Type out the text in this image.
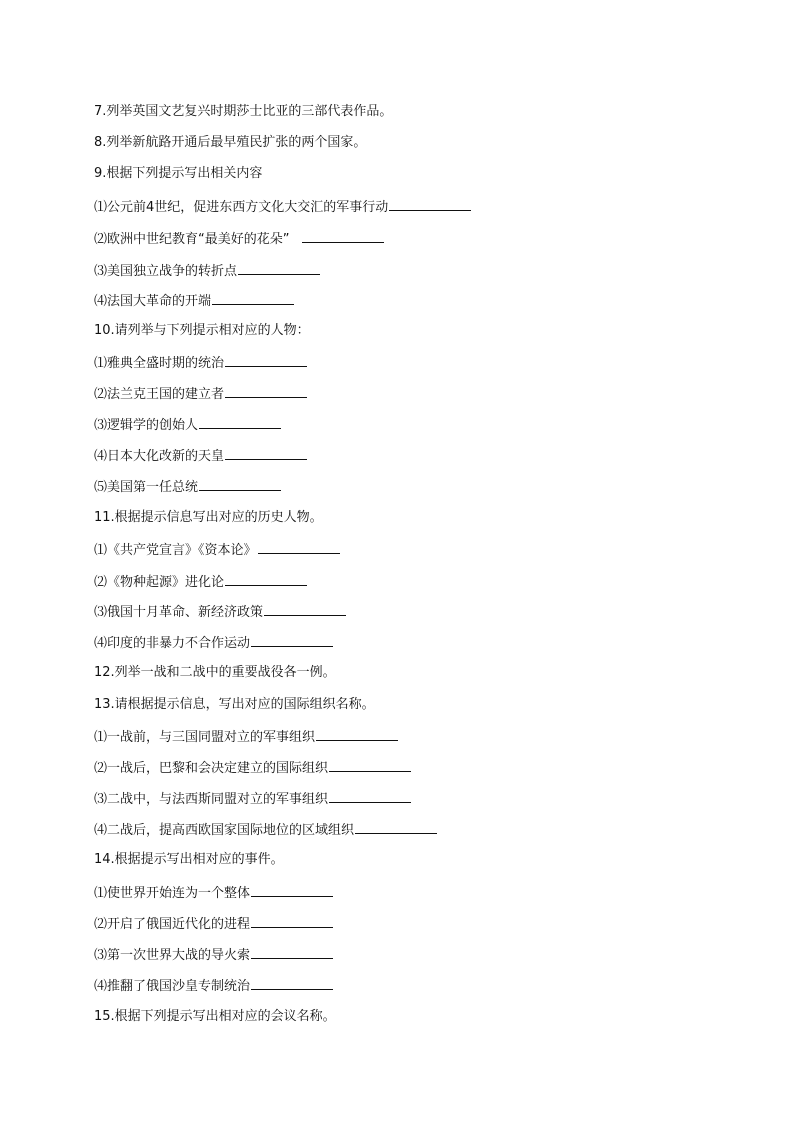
7.列举英国文艺复兴时期莎士比亚的三部代表作品。
8.列举新航路开通后最早殖民扩张的两个国家。
9.根据下列提示写出相关内容
⑴公元前4世纪，促进东西方文化大交汇的军事行动
⑵欧洲中世纪教育“最美好的花朵”
⑶美国独立战争的转折点
⑷法国大革命的开端
10.请列举与下列提示相对应的人物：
⑴雅典全盛时期的统治
⑵法兰克王国的建立者
⑶逻辑学的创始人
⑷日本大化改新的天皇
⑸美国第一任总统
11.根据提示信息写出对应的历史人物。
⑴《共产党宣言》《资本论》
⑵《物种起源》进化论
⑶俄国十月革命、新经济政策
⑷印度的非暴力不合作运动
12.列举一战和二战中的重要战役各一例。
13.请根据提示信息，写出对应的国际组织名称。
⑴一战前，与三国同盟对立的军事组织
⑵一战后，巴黎和会决定建立的国际组织
⑶二战中，与法西斯同盟对立的军事组织
⑷二战后，提高西欧国家国际地位的区域组织
14.根据提示写出相对应的事件。
⑴使世界开始连为一个整体
⑵开启了俄国近代化的进程
⑶第一次世界大战的导火索
⑷推翻了俄国沙皇专制统治
15.根据下列提示写出相对应的会议名称。
